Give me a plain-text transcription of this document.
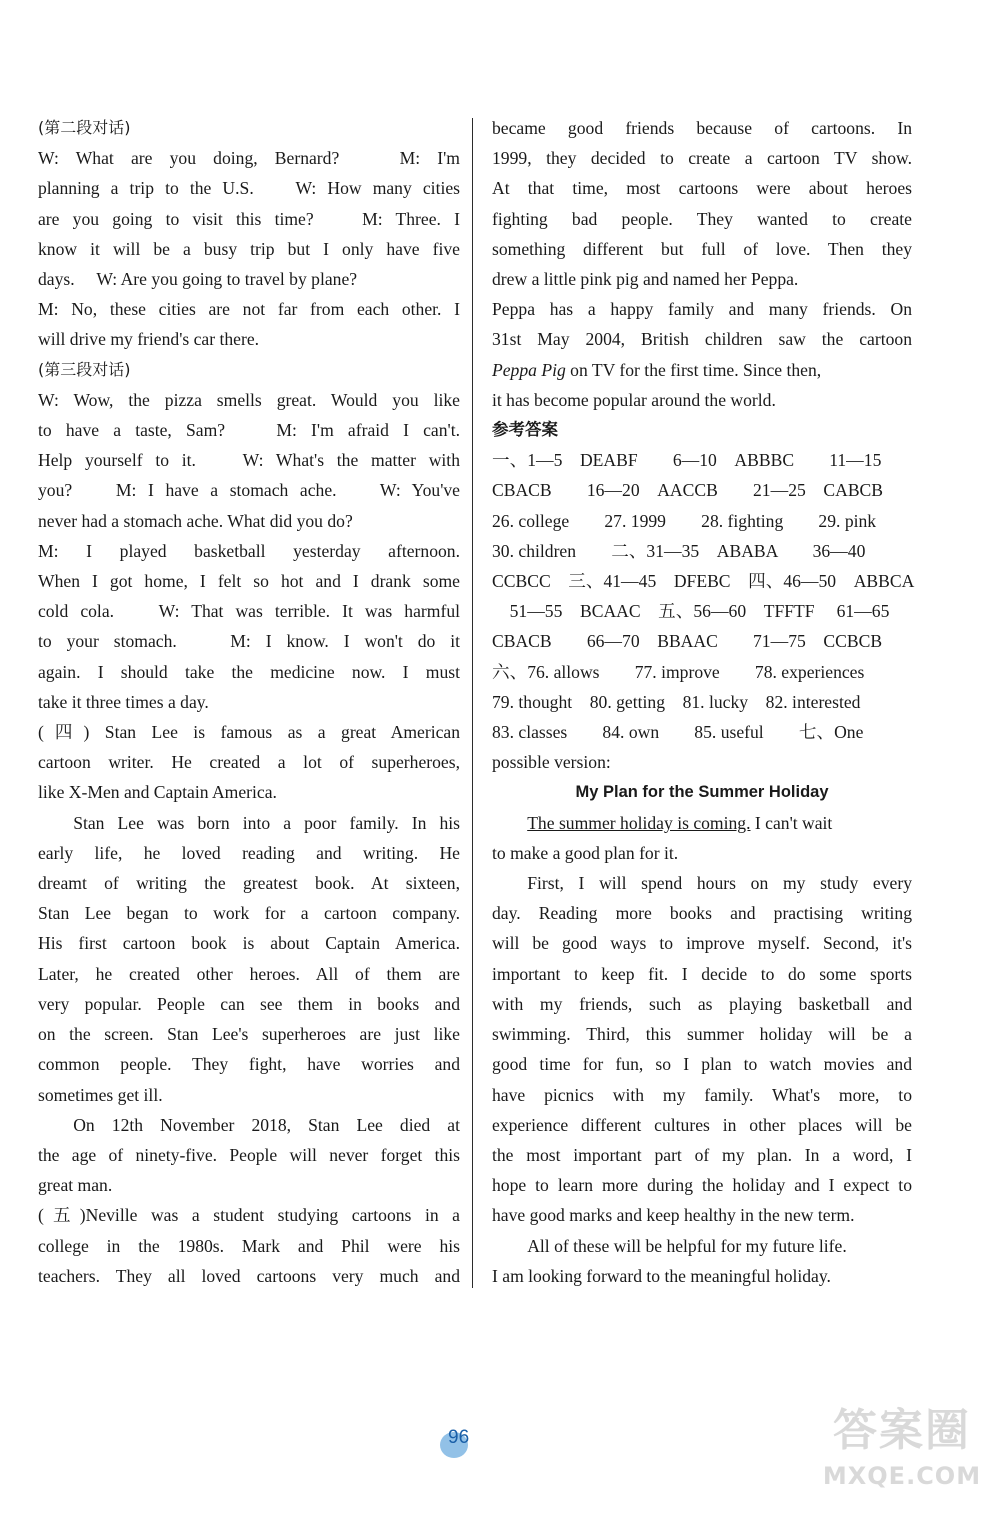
(第二段对话)
W: What are you doing, Bernard?　 M: I'm
planning a trip to the U.S.　 W: How many cities
are you going to visit this time?　 M: Three. I
know it will be a busy trip but I only have five
days.　 W: Are you going to travel by plane?
M: No, these cities are not far from each other. I
will drive my friend's car there.
(第三段对话)
W: Wow, the pizza smells great. Would you like
to have a taste, Sam?　 M: I'm afraid I can't.
Help yourself to it.　 W: What's the matter with
you?　 M: I have a stomach ache.　 W: You've
never had a stomach ache. What did you do?
M: I played basketball yesterday afternoon.
When I got home, I felt so hot and I drank some
cold cola.　 W: That was terrible. It was harmful
to your stomach.　 M: I know. I won't do it
again. I should take the medicine now. I must
take it three times a day.
(四) Stan Lee is famous as a great American
cartoon writer. He created a lot of superheroes,
like X-Men and Captain America.
Stan Lee was born into a poor family. In his
early life, he loved reading and writing. He
dreamt of writing the greatest book. At sixteen,
Stan Lee began to work for a cartoon company.
His first cartoon book is about Captain America.
Later, he created other heroes. All of them are
very popular. People can see them in books and
on the screen. Stan Lee's superheroes are just like
common people. They fight, have worries and
sometimes get ill.
On 12th November 2018, Stan Lee died at
the age of ninety-five. People will never forget this
great man.
(五)Neville was a student studying cartoons in a
college in the 1980s. Mark and Phil were his
teachers. They all loved cartoons very much and
became good friends because of cartoons. In
1999, they decided to create a cartoon TV show.
At that time, most cartoons were about heroes
fighting bad people. They wanted to create
something different but full of love. Then they
drew a little pink pig and named her Peppa.
Peppa has a happy family and many friends. On
31st May 2004, British children saw the cartoon
Peppa Pig on TV for the first time. Since then,
it has become popular around the world.
参考答案
一、1—5　DEABF　　6—10　ABBBC　　11—15
CBACB　　16—20　AACCB　　21—25　CABCB
26. college　　27. 1999　　28. fighting　　29. pink
30. children　　二、31—35　ABABA　　36—40
CCBCC　三、41—45　DFEBC　四、46—50　ABBCA
　51—55　BCAAC　五、56—60　TFFTF　 61—65
CBACB　　66—70　BBAAC　　71—75　CCBCB
六、76. allows　　77. improve　　78. experiences
79. thought　80. getting　81. lucky　82. interested
83. classes　　84. own　　85. useful　　七、One
possible version:
My Plan for the Summer Holiday
The summer holiday is coming. I can't wait
to make a good plan for it.
First, I will spend hours on my study every
day. Reading more books and practising writing
will be good ways to improve myself. Second, it's
important to keep fit. I decide to do some sports
with my friends, such as playing basketball and
swimming. Third, this summer holiday will be a
good time for fun, so I plan to watch movies and
have picnics with my family. What's more, to
experience different cultures in other places will be
the most important part of my plan. In a word, I
hope to learn more during the holiday and I expect to
have good marks and keep healthy in the new term.
All of these will be helpful for my future life.
I am looking forward to the meaningful holiday.
96	答案圈
MXQE.COM
